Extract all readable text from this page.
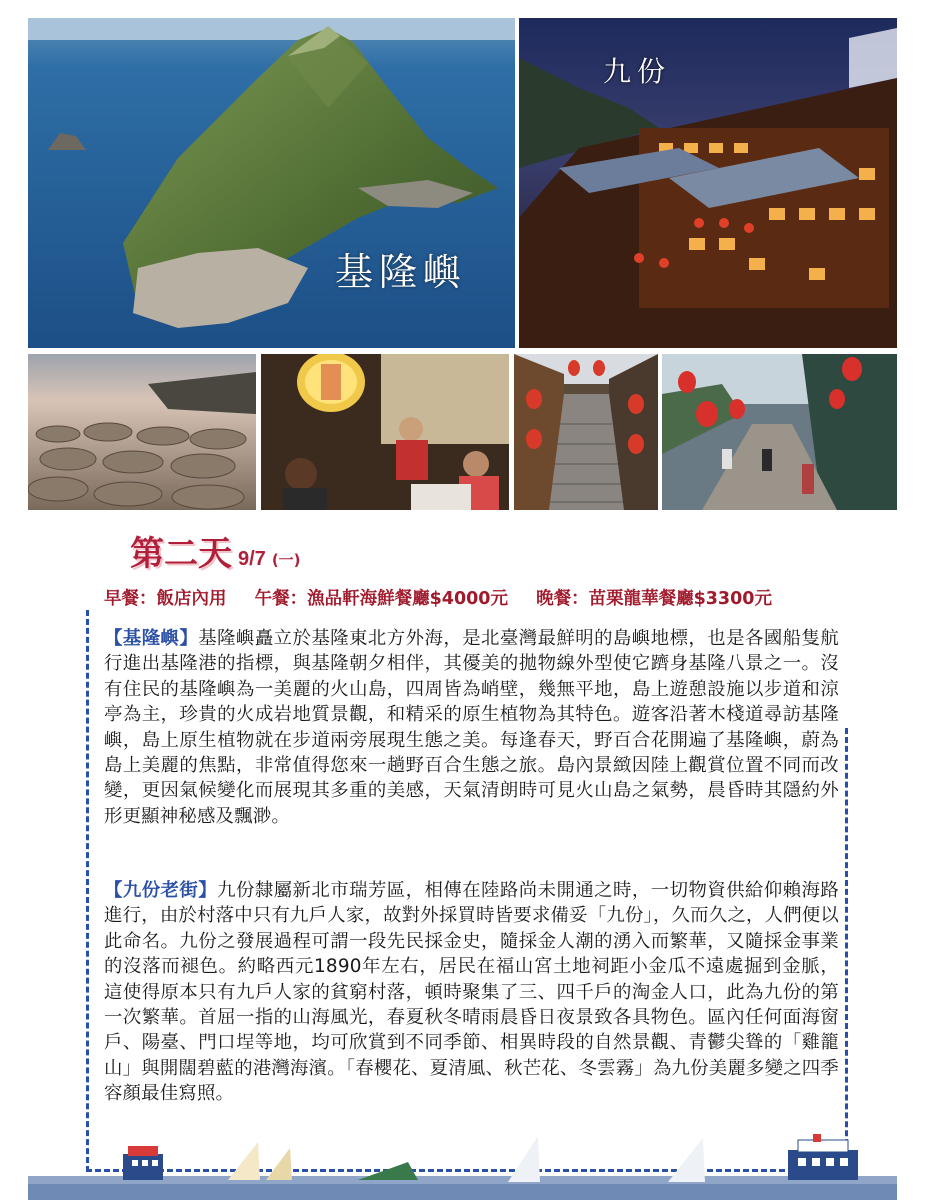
基隆嶼
九份
第二天 9/7 (一)
早餐：飯店內用 午餐：漁品軒海鮮餐廳$4000元 晚餐：苗栗龍華餐廳$3300元

【基隆嶼】基隆嶼矗立於基隆東北方外海，是北臺灣最鮮明的島嶼地標，也是各國船隻航行進出基隆港的指標，與基隆朝夕相伴，其優美的拋物線外型使它躋身基隆八景之一。沒有住民的基隆嶼為一美麗的火山島，四周皆為峭壁，幾無平地，島上遊憩設施以步道和涼亭為主，珍貴的火成岩地質景觀，和精采的原生植物為其特色。遊客沿著木棧道尋訪基隆嶼，島上原生植物就在步道兩旁展現生態之美。每逢春天，野百合花開遍了基隆嶼，蔚為島上美麗的焦點，非常值得您來一趟野百合生態之旅。島內景緻因陸上觀賞位置不同而改變，更因氣候變化而展現其多重的美感，天氣清朗時可見火山島之氣勢，晨昏時其隱約外形更顯神秘感及飄渺。

【九份老街】九份隸屬新北市瑞芳區，相傳在陸路尚未開通之時，一切物資供給仰賴海路進行，由於村落中只有九戶人家，故對外採買時皆要求備妥「九份」，久而久之，人們便以此命名。九份之發展過程可謂一段先民採金史，隨採金人潮的湧入而繁華，又隨採金事業的沒落而褪色。約略西元1890年左右，居民在福山宮土地祠距小金瓜不遠處掘到金脈，這使得原本只有九戶人家的貧窮村落，頓時聚集了三、四千戶的淘金人口，此為九份的第一次繁華。首屈一指的山海風光，春夏秋冬晴雨晨昏日夜景致各具物色。區內任何面海窗戶、陽臺、門口埕等地，均可欣賞到不同季節、相異時段的自然景觀、青鬱尖聳的「雞籠山」與開闊碧藍的港灣海濱。「春櫻花、夏清風、秋芒花、冬雲霧」為九份美麗多變之四季容顏最佳寫照。
